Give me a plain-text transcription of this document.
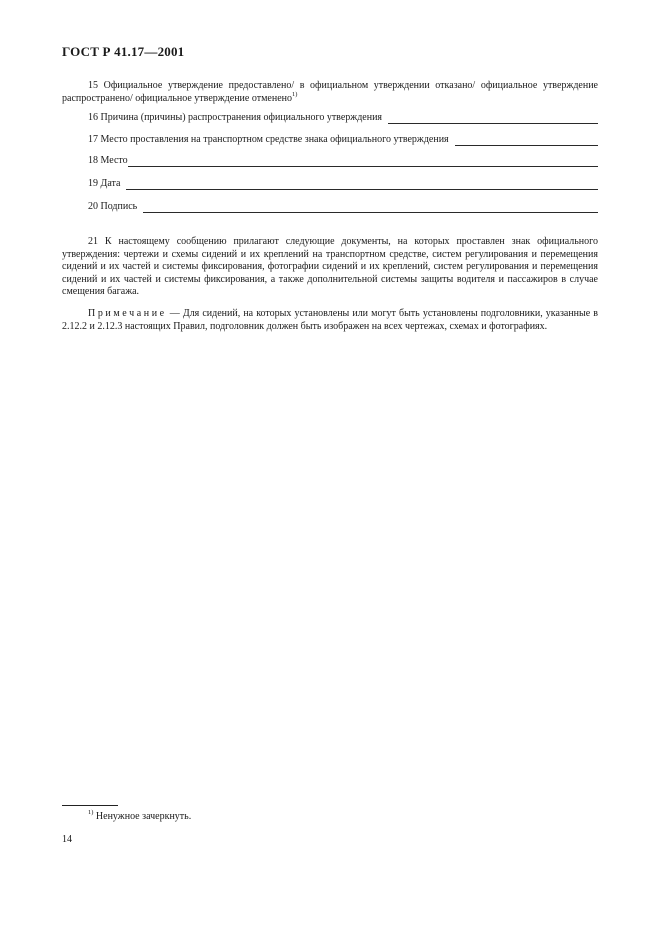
ГОСТ Р 41.17—2001
15 Официальное утверждение предоставлено/ в официальном утверждении отказано/ официальное утверждение распространено/ официальное утверждение отменено$^{1)}$
16 Причина (причины) распространения официального утверждения
17 Место проставления на транспортном средстве знака официального утверждения
18 Место
19 Дата
20 Подпись
21 К настоящему сообщению прилагают следующие документы, на которых проставлен знак официального утверждения: чертежи и схемы сидений и их креплений на транспортном средстве, систем регулирования и перемещения сидений и их частей и системы фиксирования, фотографии сидений и их креплений, систем регулирования и перемещения сидений и их частей и системы фиксирования, а также дополнительной системы защиты водителя и пассажиров в случае смещения багажа.
Примечание — Для сидений, на которых установлены или могут быть установлены подголовники, указанные в 2.12.2 и 2.12.3 настоящих Правил, подголовник должен быть изображен на всех чертежах, схемах и фотографиях.
$^{1)}$ Ненужное зачеркнуть.
14
